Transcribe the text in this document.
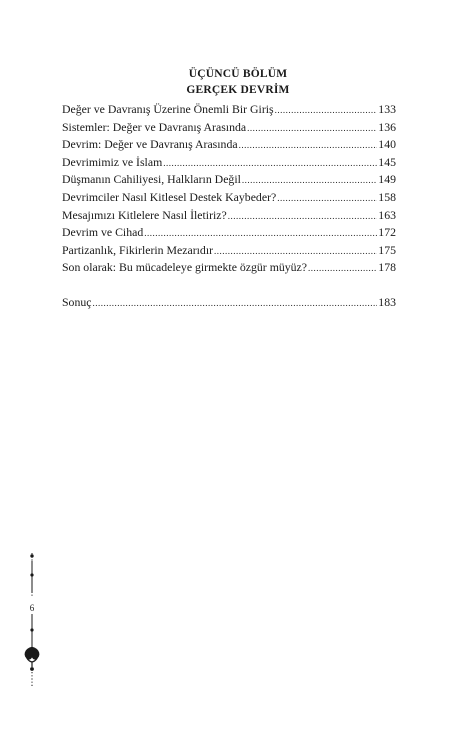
ÜÇÜNCÜ BÖLÜM
GERÇEK DEVRİM
Değer ve Davranış Üzerine Önemli Bir Giriş .....	133
Sistemler: Değer ve Davranış Arasında .....	136
Devrim: Değer ve Davranış Arasında .....	140
Devrimimiz ve İslam .....	145
Düşmanın Cahiliyesi, Halkların Değil .....	149
Devrimciler Nasıl Kitlesel Destek Kaybeder? .....	158
Mesajımızı Kitlelere Nasıl İletiriz? .....	163
Devrim ve Cihad .....	172
Partizanlık, Fikirlerin Mezarıdır .....	175
Son olarak: Bu mücadeleye girmekte özgür müyüz? .....	178
Sonuç .....	183
6
